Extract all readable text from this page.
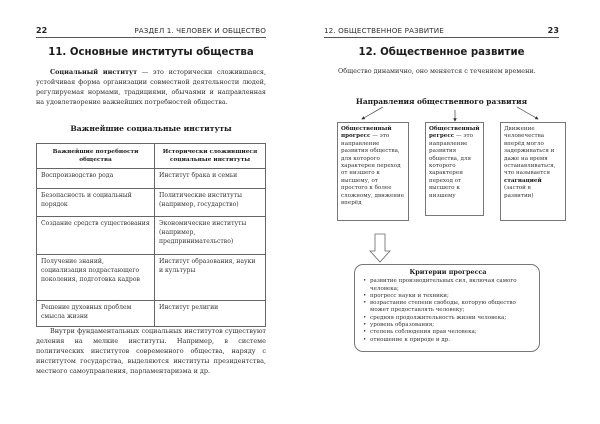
22	РАЗДЕЛ 1. ЧЕЛОВЕК И ОБЩЕСТВО
11. Основные институты общества

Социальный институт — это исторически сложившаяся, устойчивая форма организации совместной деятельности людей, регулируемая нормами, традициями, обычаями и направленная на удовлетворение важнейших потребностей общества.

Важнейшие социальные институты
Важнейшие потребности общества	Исторически сложившиеся социальные институты
Воспроизводство рода	Институт брака и семьи
Безопасность и социальный порядок	Политические институты (например, государство)
Создание средств существования	Экономические институты (например, предпринимательство)
Получение знаний, социализация подрастающего поколения, подготовка кадров	Институт образования, науки и культуры
Решение духовных проблем смысла жизни	Институт религии

Внутри фундаментальных социальных институтов существуют деления на мелкие институты. Например, в системе политических институтов современного общества, наряду с институтом государства, выделяются институты президентства, местного самоуправления, парламентаризма и др.

12. ОБЩЕСТВЕННОЕ РАЗВИТИЕ	23
12. Общественное развитие

Общество динамично, оно меняется с течением времени.

Направления общественного развития
Общественный прогресс — это направление развития общества, для которого характерен переход от низшего к высшему, от простого к более сложному, движение вперёд
Общественный регресс — это направление развития общества, для которого характерен переход от высшего к низшему
Движение человечества вперёд могло задерживаться и даже на время останавливаться, что называется стагнацией (застой в развитии)
Критерии прогресса
• развитие производительных сил, включая самого человека;
• прогресс науки и техники;
• возрастание степени свободы, которую общество может предоставлять человеку;
• средняя продолжительность жизни человека;
• уровень образования;
• степень соблюдения прав человека;
• отношение к природе и др.
